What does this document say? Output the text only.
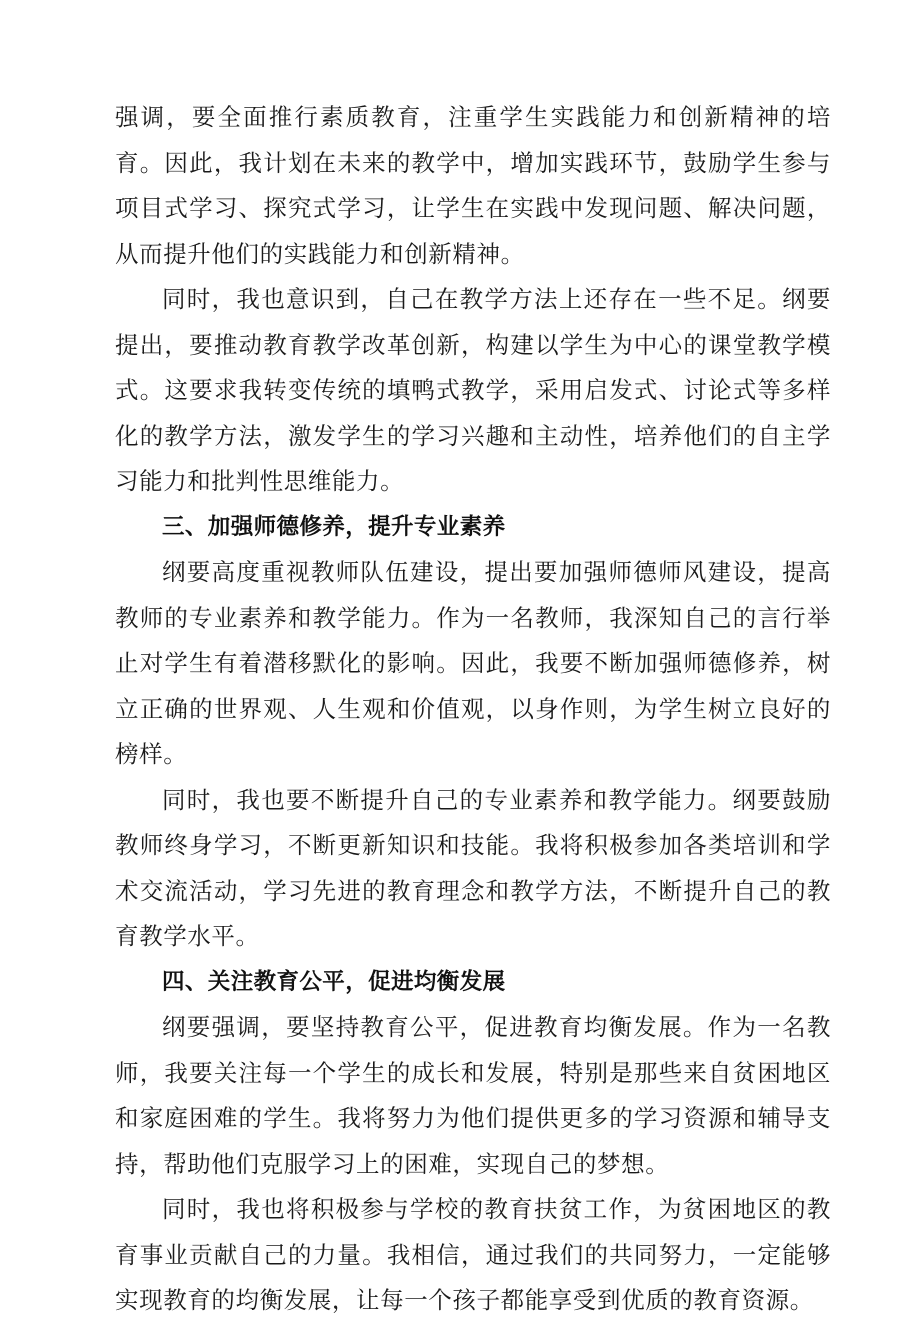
强调，要全面推行素质教育，注重学生实践能力和创新精神的培育。因此，我计划在未来的教学中，增加实践环节，鼓励学生参与项目式学习、探究式学习，让学生在实践中发现问题、解决问题，从而提升他们的实践能力和创新精神。

同时，我也意识到，自己在教学方法上还存在一些不足。纲要提出，要推动教育教学改革创新，构建以学生为中心的课堂教学模式。这要求我转变传统的填鸭式教学，采用启发式、讨论式等多样化的教学方法，激发学生的学习兴趣和主动性，培养他们的自主学习能力和批判性思维能力。

三、加强师德修养，提升专业素养

纲要高度重视教师队伍建设，提出要加强师德师风建设，提高教师的专业素养和教学能力。作为一名教师，我深知自己的言行举止对学生有着潜移默化的影响。因此，我要不断加强师德修养，树立正确的世界观、人生观和价值观，以身作则，为学生树立良好的榜样。

同时，我也要不断提升自己的专业素养和教学能力。纲要鼓励教师终身学习，不断更新知识和技能。我将积极参加各类培训和学术交流活动，学习先进的教育理念和教学方法，不断提升自己的教育教学水平。

四、关注教育公平，促进均衡发展

纲要强调，要坚持教育公平，促进教育均衡发展。作为一名教师，我要关注每一个学生的成长和发展，特别是那些来自贫困地区和家庭困难的学生。我将努力为他们提供更多的学习资源和辅导支持，帮助他们克服学习上的困难，实现自己的梦想。

同时，我也将积极参与学校的教育扶贫工作，为贫困地区的教育事业贡献自己的力量。我相信，通过我们的共同努力，一定能够实现教育的均衡发展，让每一个孩子都能享受到优质的教育资源。
